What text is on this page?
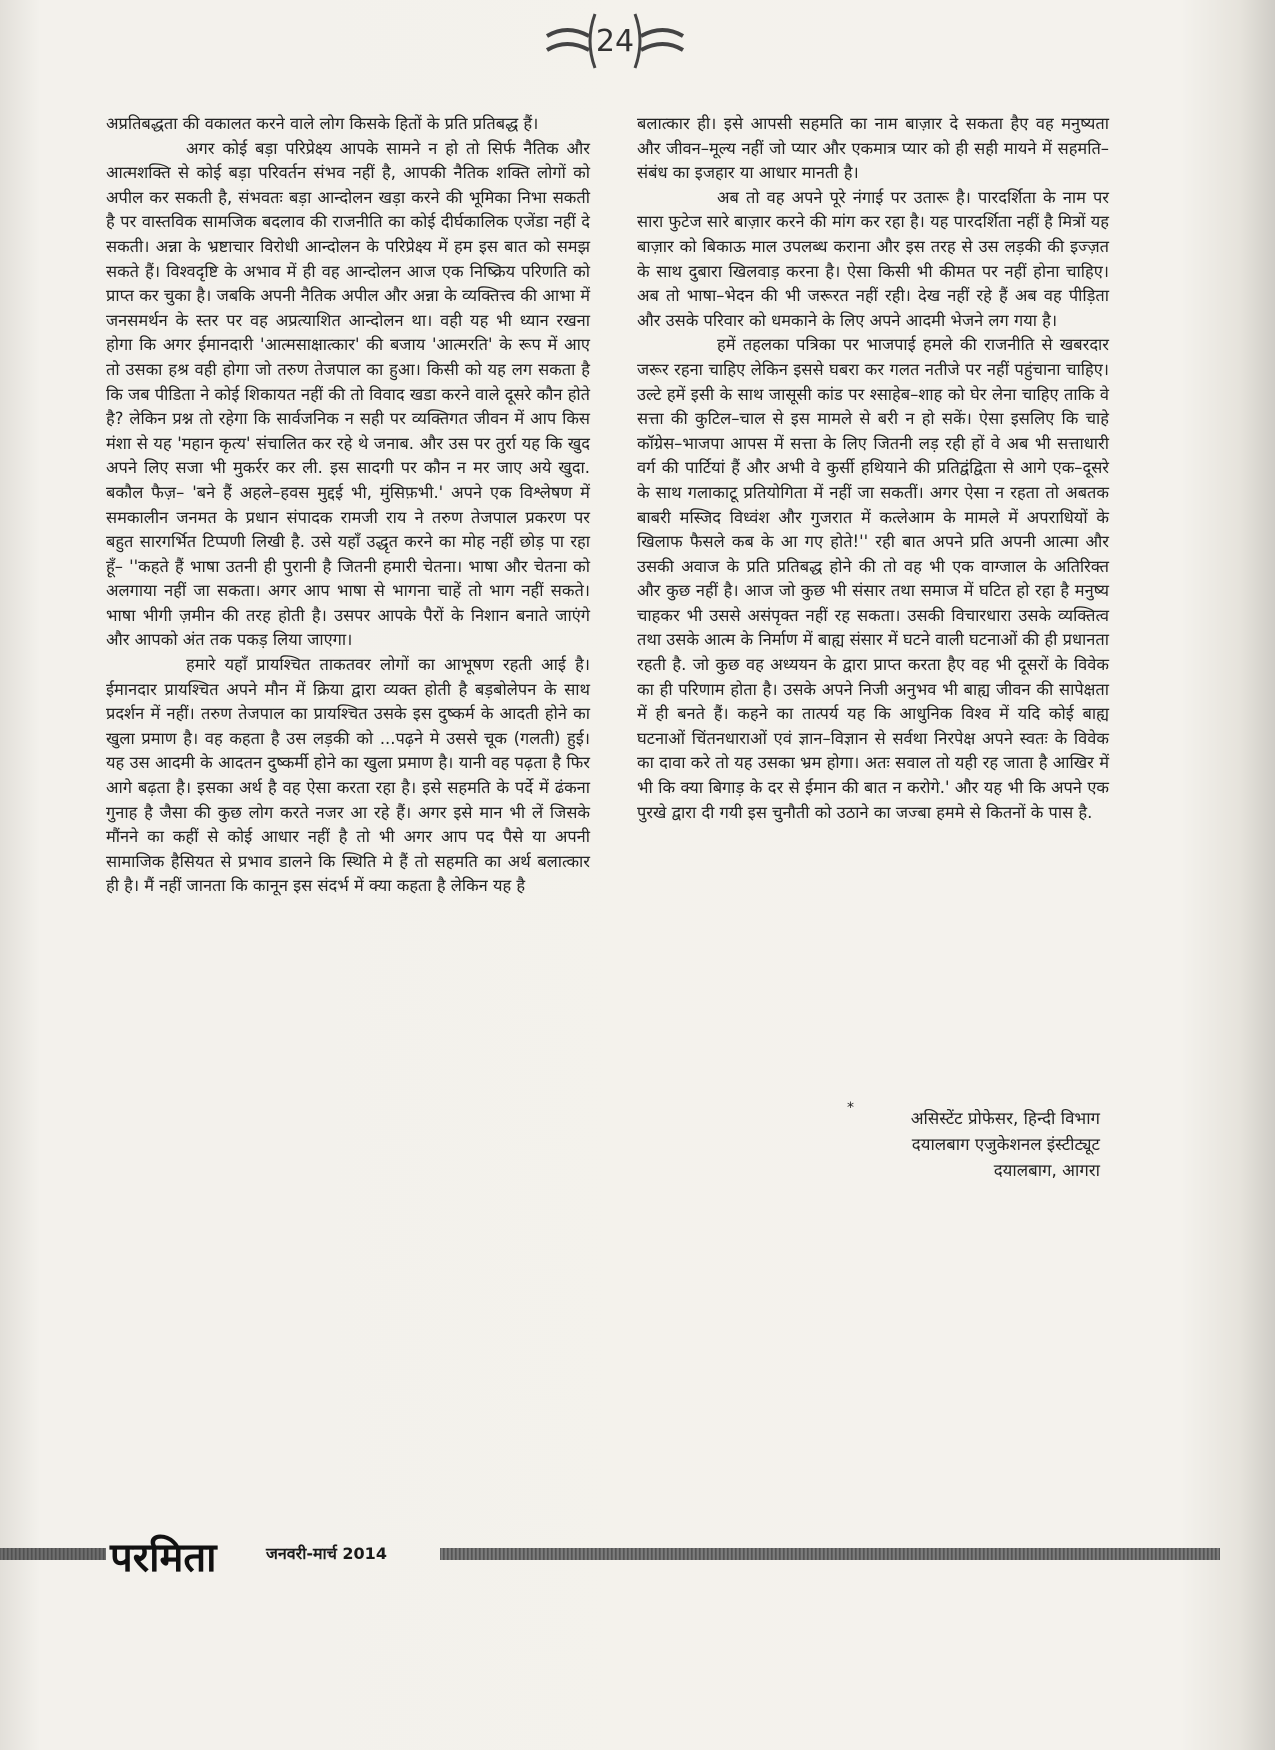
24

अप्रतिबद्धता की वकालत करने वाले लोग किसके हितों के प्रति प्रतिबद्ध हैं।

अगर कोई बड़ा परिप्रेक्ष्य आपके सामने न हो तो सिर्फ नैतिक और आत्मशक्ति से कोई बड़ा परिवर्तन संभव नहीं है, आपकी नैतिक शक्ति लोगों को अपील कर सकती है, संभवतः बड़ा आन्दोलन खड़ा करने की भूमिका निभा सकती है पर वास्तविक सामजिक बदलाव की राजनीति का कोई दीर्घकालिक एजेंडा नहीं दे सकती। अन्ना के भ्रष्टाचार विरोधी आन्दोलन के परिप्रेक्ष्य में हम इस बात को समझ सकते हैं। विश्वदृष्टि के अभाव में ही वह आन्दोलन आज एक निष्क्रिय परिणति को प्राप्त कर चुका है। जबकि अपनी नैतिक अपील और अन्ना के व्यक्तित्त्व की आभा में जनसमर्थन के स्तर पर वह अप्रत्याशित आन्दोलन था। वही यह भी ध्यान रखना होगा कि अगर ईमानदारी 'आत्मसाक्षात्कार' की बजाय 'आत्मरति' के रूप में आए तो उसका हश्र वही होगा जो तरुण तेजपाल का हुआ। किसी को यह लग सकता है कि जब पीडिता ने कोई शिकायत नहीं की तो विवाद खडा करने वाले दूसरे कौन होते है? लेकिन प्रश्न तो रहेगा कि सार्वजनिक न सही पर व्यक्तिगत जीवन में आप किस मंशा से यह 'महान कृत्य' संचालित कर रहे थे जनाब. और उस पर तुर्रा यह कि खुद अपने लिए सजा भी मुकर्रर कर ली. इस सादगी पर कौन न मर जाए अये खुदा. बकौल फैज़– 'बने हैं अहले–हवस मुद्दई भी, मुंसिफ़भी.' अपने एक विश्लेषण में समकालीन जनमत के प्रधान संपादक रामजी राय ने तरुण तेजपाल प्रकरण पर बहुत सारगर्भित टिप्पणी लिखी है. उसे यहाँ उद्धृत करने का मोह नहीं छोड़ पा रहा हूँ– ''कहते हैं भाषा उतनी ही पुरानी है जितनी हमारी चेतना। भाषा और चेतना को अलगाया नहीं जा सकता। अगर आप भाषा से भागना चाहें तो भाग नहीं सकते। भाषा भीगी ज़मीन की तरह होती है। उसपर आपके पैरों के निशान बनाते जाएंगे और आपको अंत तक पकड़ लिया जाएगा।

हमारे यहाँ प्रायश्चित ताकतवर लोगों का आभूषण रहती आई है। ईमानदार प्रायश्चित अपने मौन में क्रिया द्वारा व्यक्त होती है बड़बोलेपन के साथ प्रदर्शन में नहीं। तरुण तेजपाल का प्रायश्चित उसके इस दुष्कर्म के आदती होने का खुला प्रमाण है। वह कहता है उस लड़की को ...पढ़ने मे उससे चूक (गलती) हुई। यह उस आदमी के आदतन दुष्कर्मी होने का खुला प्रमाण है। यानी वह पढ़ता है फिर आगे बढ़ता है। इसका अर्थ है वह ऐसा करता रहा है। इसे सहमति के पर्दे में ढंकना गुनाह है जैसा की कुछ लोग करते नजर आ रहे हैं। अगर इसे मान भी लें जिसके मौंनने का कहीं से कोई आधार नहीं है तो भी अगर आप पद पैसे या अपनी सामाजिक हैसियत से प्रभाव डालने कि स्थिति मे हैं तो सहमति का अर्थ बलात्कार ही है। मैं नहीं जानता कि कानून इस संदर्भ में क्या कहता है लेकिन यह है

बलात्कार ही। इसे आपसी सहमति का नाम बाज़ार दे सकता हैए वह मनुष्यता और जीवन–मूल्य नहीं जो प्यार और एकमात्र प्यार को ही सही मायने में सहमति–संबंध का इजहार या आधार मानती है।

अब तो वह अपने पूरे नंगाई पर उतारू है। पारदर्शिता के नाम पर सारा फुटेज सारे बाज़ार करने की मांग कर रहा है। यह पारदर्शिता नहीं है मित्रों यह बाज़ार को बिकाऊ माल उपलब्ध कराना और इस तरह से उस लड़की की इज्ज़त के साथ दुबारा खिलवाड़ करना है। ऐसा किसी भी कीमत पर नहीं होना चाहिए। अब तो भाषा–भेदन की भी जरूरत नहीं रही। देख नहीं रहे हैं अब वह पीड़िता और उसके परिवार को धमकाने के लिए अपने आदमी भेजने लग गया है।

हमें तहलका पत्रिका पर भाजपाई हमले की राजनीति से खबरदार जरूर रहना चाहिए लेकिन इससे घबरा कर गलत नतीजे पर नहीं पहुंचाना चाहिए। उल्टे हमें इसी के साथ जासूसी कांड पर श्साहेब–शाह को घेर लेना चाहिए ताकि वे सत्ता की कुटिल–चाल से इस मामले से बरी न हो सकें। ऐसा इसलिए कि चाहे कॉग्रेस–भाजपा आपस में सत्ता के लिए जितनी लड़ रही हों वे अब भी सत्ताधारी वर्ग की पार्टियां हैं और अभी वे कुर्सी हथियाने की प्रतिद्वंद्विता से आगे एक–दूसरे के साथ गलाकाटू प्रतियोगिता में नहीं जा सकतीं। अगर ऐसा न रहता तो अबतक बाबरी मस्जिद विध्वंश और गुजरात में कत्लेआम के मामले में अपराधियों के खिलाफ फैसले कब के आ गए होते!'' रही बात अपने प्रति अपनी आत्मा और उसकी अवाज के प्रति प्रतिबद्ध होने की तो वह भी एक वाग्जाल के अतिरिक्त और कुछ नहीं है। आज जो कुछ भी संसार तथा समाज में घटित हो रहा है मनुष्य चाहकर भी उससे असंपृक्त नहीं रह सकता। उसकी विचारधारा उसके व्यक्तित्व तथा उसके आत्म के निर्माण में बाह्य संसार में घटने वाली घटनाओं की ही प्रधानता रहती है. जो कुछ वह अध्ययन के द्वारा प्राप्त करता हैए वह भी दूसरों के विवेक का ही परिणाम होता है। उसके अपने निजी अनुभव भी बाह्य जीवन की सापेक्षता में ही बनते हैं। कहने का तात्पर्य यह कि आधुनिक विश्व में यदि कोई बाह्य घटनाओं चिंतनधाराओं एवं ज्ञान–विज्ञान से सर्वथा निरपेक्ष अपने स्वतः के विवेक का दावा करे तो यह उसका भ्रम होगा। अतः सवाल तो यही रह जाता है आखिर में भी कि क्या बिगाड़ के दर से ईमान की बात न करोगे.' और यह भी कि अपने एक पुरखे द्वारा दी गयी इस चुनौती को उठाने का जज्बा हममे से कितनों के पास है.

*	असिस्टेंट प्रोफेसर, हिन्दी विभाग
दयालबाग एजुकेशनल इंस्टीट्यूट
दयालबाग, आगरा
परमिता	जनवरी-मार्च 2014
